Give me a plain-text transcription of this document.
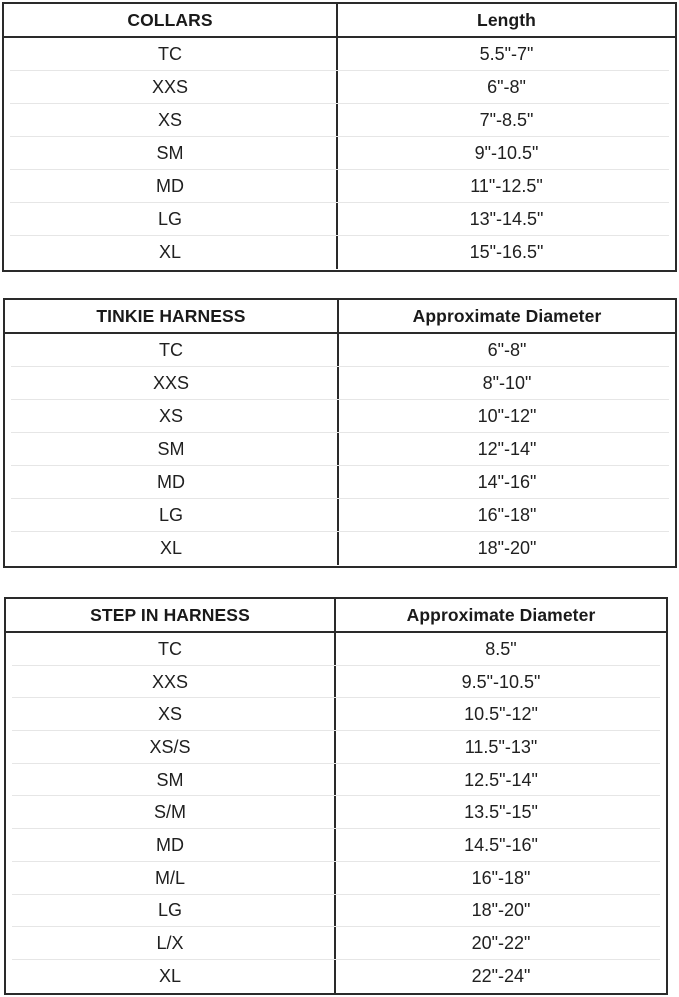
COLLARS	Length
TC	5.5"-7"
XXS	6"-8"
XS	7"-8.5"
SM	9"-10.5"
MD	11"-12.5"
LG	13"-14.5"
XL	15"-16.5"
TINKIE HARNESS	Approximate Diameter
TC	6"-8"
XXS	8"-10"
XS	10"-12"
SM	12"-14"
MD	14"-16"
LG	16"-18"
XL	18"-20"
STEP IN HARNESS	Approximate Diameter
TC	8.5"
XXS	9.5"-10.5"
XS	10.5"-12"
XS/S	11.5"-13"
SM	12.5"-14"
S/M	13.5"-15"
MD	14.5"-16"
M/L	16"-18"
LG	18"-20"
L/X	20"-22"
XL	22"-24"
